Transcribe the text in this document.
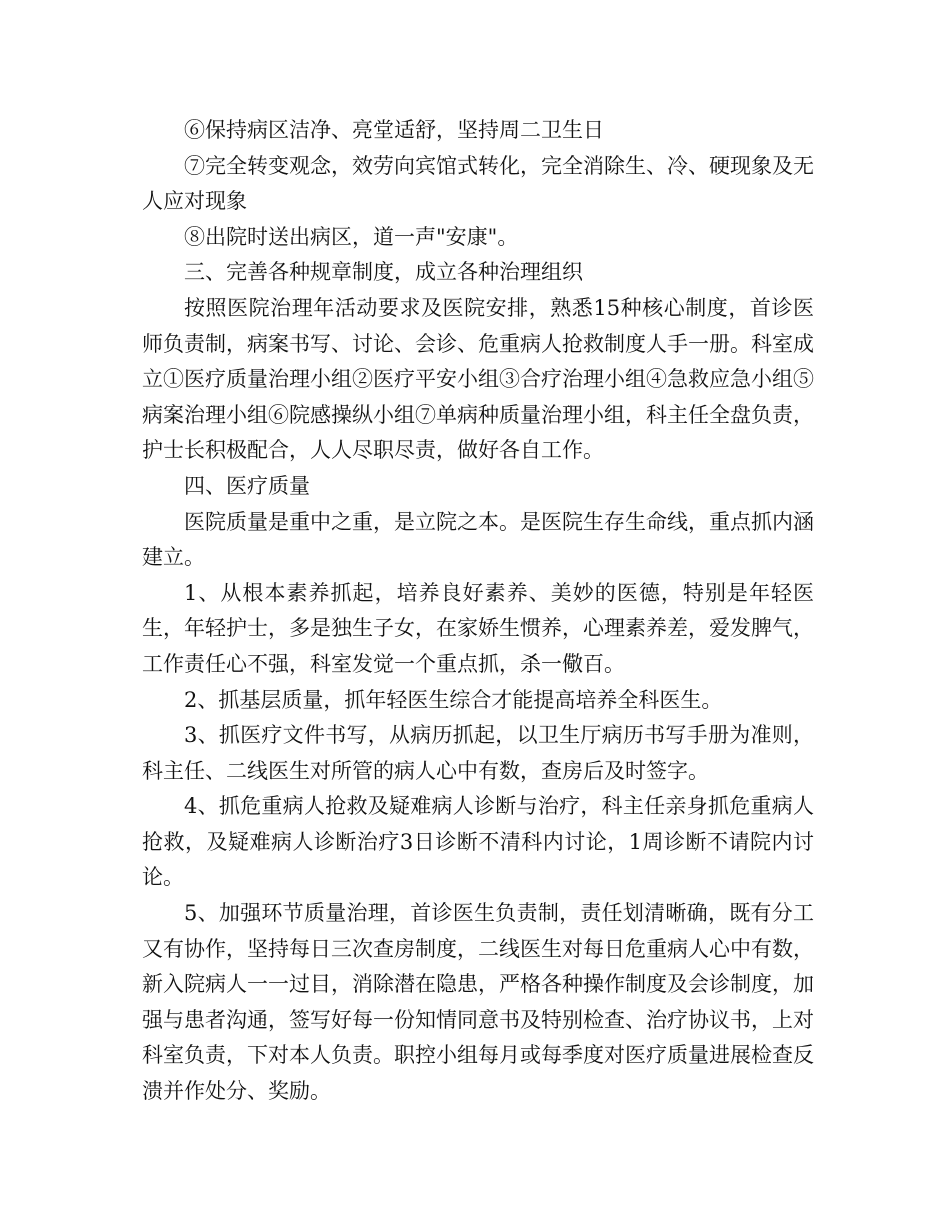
⑥保持病区洁净、亮堂适舒，坚持周二卫生日

⑦完全转变观念，效劳向宾馆式转化，完全消除生、冷、硬现象及无人应对现象

⑧出院时送出病区，道一声"安康"。

三、完善各种规章制度，成立各种治理组织

按照医院治理年活动要求及医院安排，熟悉15种核心制度，首诊医师负责制，病案书写、讨论、会诊、危重病人抢救制度人手一册。科室成立①医疗质量治理小组②医疗平安小组③合疗治理小组④急救应急小组⑤病案治理小组⑥院感操纵小组⑦单病种质量治理小组，科主任全盘负责，护士长积极配合，人人尽职尽责，做好各自工作。

四、医疗质量

医院质量是重中之重，是立院之本。是医院生存生命线，重点抓内涵建立。

1、从根本素养抓起，培养良好素养、美妙的医德，特别是年轻医生，年轻护士，多是独生子女，在家娇生惯养，心理素养差，爱发脾气，工作责任心不强，科室发觉一个重点抓，杀一儆百。

2、抓基层质量，抓年轻医生综合才能提高培养全科医生。

3、抓医疗文件书写，从病历抓起，以卫生厅病历书写手册为准则，科主任、二线医生对所管的病人心中有数，查房后及时签字。

4、抓危重病人抢救及疑难病人诊断与治疗，科主任亲身抓危重病人抢救，及疑难病人诊断治疗3日诊断不清科内讨论，1周诊断不请院内讨论。

5、加强环节质量治理，首诊医生负责制，责任划清晰确，既有分工又有协作，坚持每日三次查房制度，二线医生对每日危重病人心中有数，新入院病人一一过目，消除潜在隐患，严格各种操作制度及会诊制度，加强与患者沟通，签写好每一份知情同意书及特别检查、治疗协议书，上对科室负责，下对本人负责。职控小组每月或每季度对医疗质量进展检查反溃并作处分、奖励。
